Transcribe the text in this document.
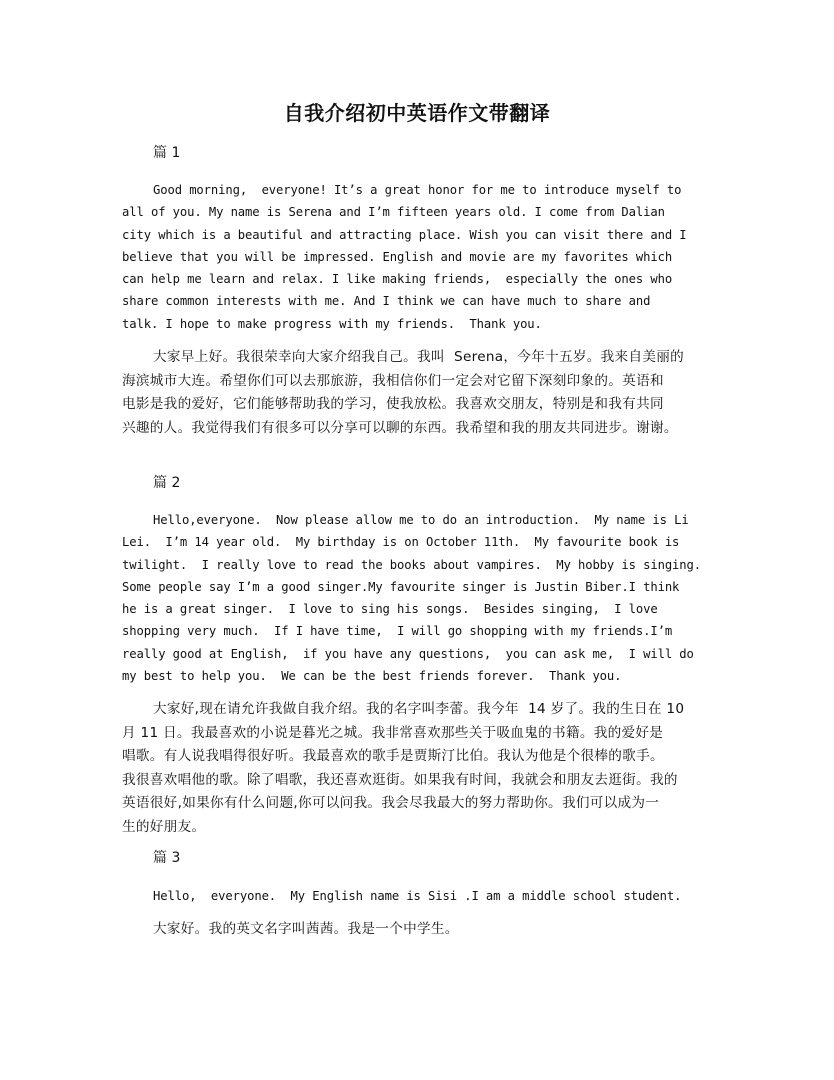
自我介绍初中英语作文带翻译
篇 1
Good morning,  everyone! It’s a great honor for me to introduce myself to
all of you. My name is Serena and I’m fifteen years old. I come from Dalian
city which is a beautiful and attracting place. Wish you can visit there and I
believe that you will be impressed. English and movie are my favorites which
can help me learn and relax. I like making friends,  especially the ones who
share common interests with me. And I think we can have much to share and
talk. I hope to make progress with my friends.  Thank you.
大家早上好。我很荣幸向大家介绍我自己。我叫  Serena，今年十五岁。我来自美丽的
海滨城市大连。希望你们可以去那旅游，我相信你们一定会对它留下深刻印象的。英语和
电影是我的爱好，它们能够帮助我的学习，使我放松。我喜欢交朋友，特别是和我有共同
兴趣的人。我觉得我们有很多可以分享可以聊的东西。我希望和我的朋友共同进步。谢谢。
篇 2
Hello,everyone.  Now please allow me to do an introduction.  My name is Li
Lei.  I’m 14 year old.  My birthday is on October 11th.  My favourite book is
twilight.  I really love to read the books about vampires.  My hobby is singing.
Some people say I’m a good singer.My favourite singer is Justin Biber.I think
he is a great singer.  I love to sing his songs.  Besides singing,  I love
shopping very much.  If I have time,  I will go shopping with my friends.I’m
really good at English,  if you have any questions,  you can ask me,  I will do
my best to help you.  We can be the best friends forever.  Thank you.
大家好,现在请允许我做自我介绍。我的名字叫李蕾。我今年  14 岁了。我的生日在 10
月 11 日。我最喜欢的小说是暮光之城。我非常喜欢那些关于吸血鬼的书籍。我的爱好是
唱歌。有人说我唱得很好听。我最喜欢的歌手是贾斯汀比伯。我认为他是个很棒的歌手。
我很喜欢唱他的歌。除了唱歌，我还喜欢逛街。如果我有时间，我就会和朋友去逛街。我的
英语很好,如果你有什么问题,你可以问我。我会尽我最大的努力帮助你。我们可以成为一
生的好朋友。
篇 3
Hello,  everyone.  My English name is Sisi .I am a middle school student.
大家好。我的英文名字叫茜茜。我是一个中学生。
